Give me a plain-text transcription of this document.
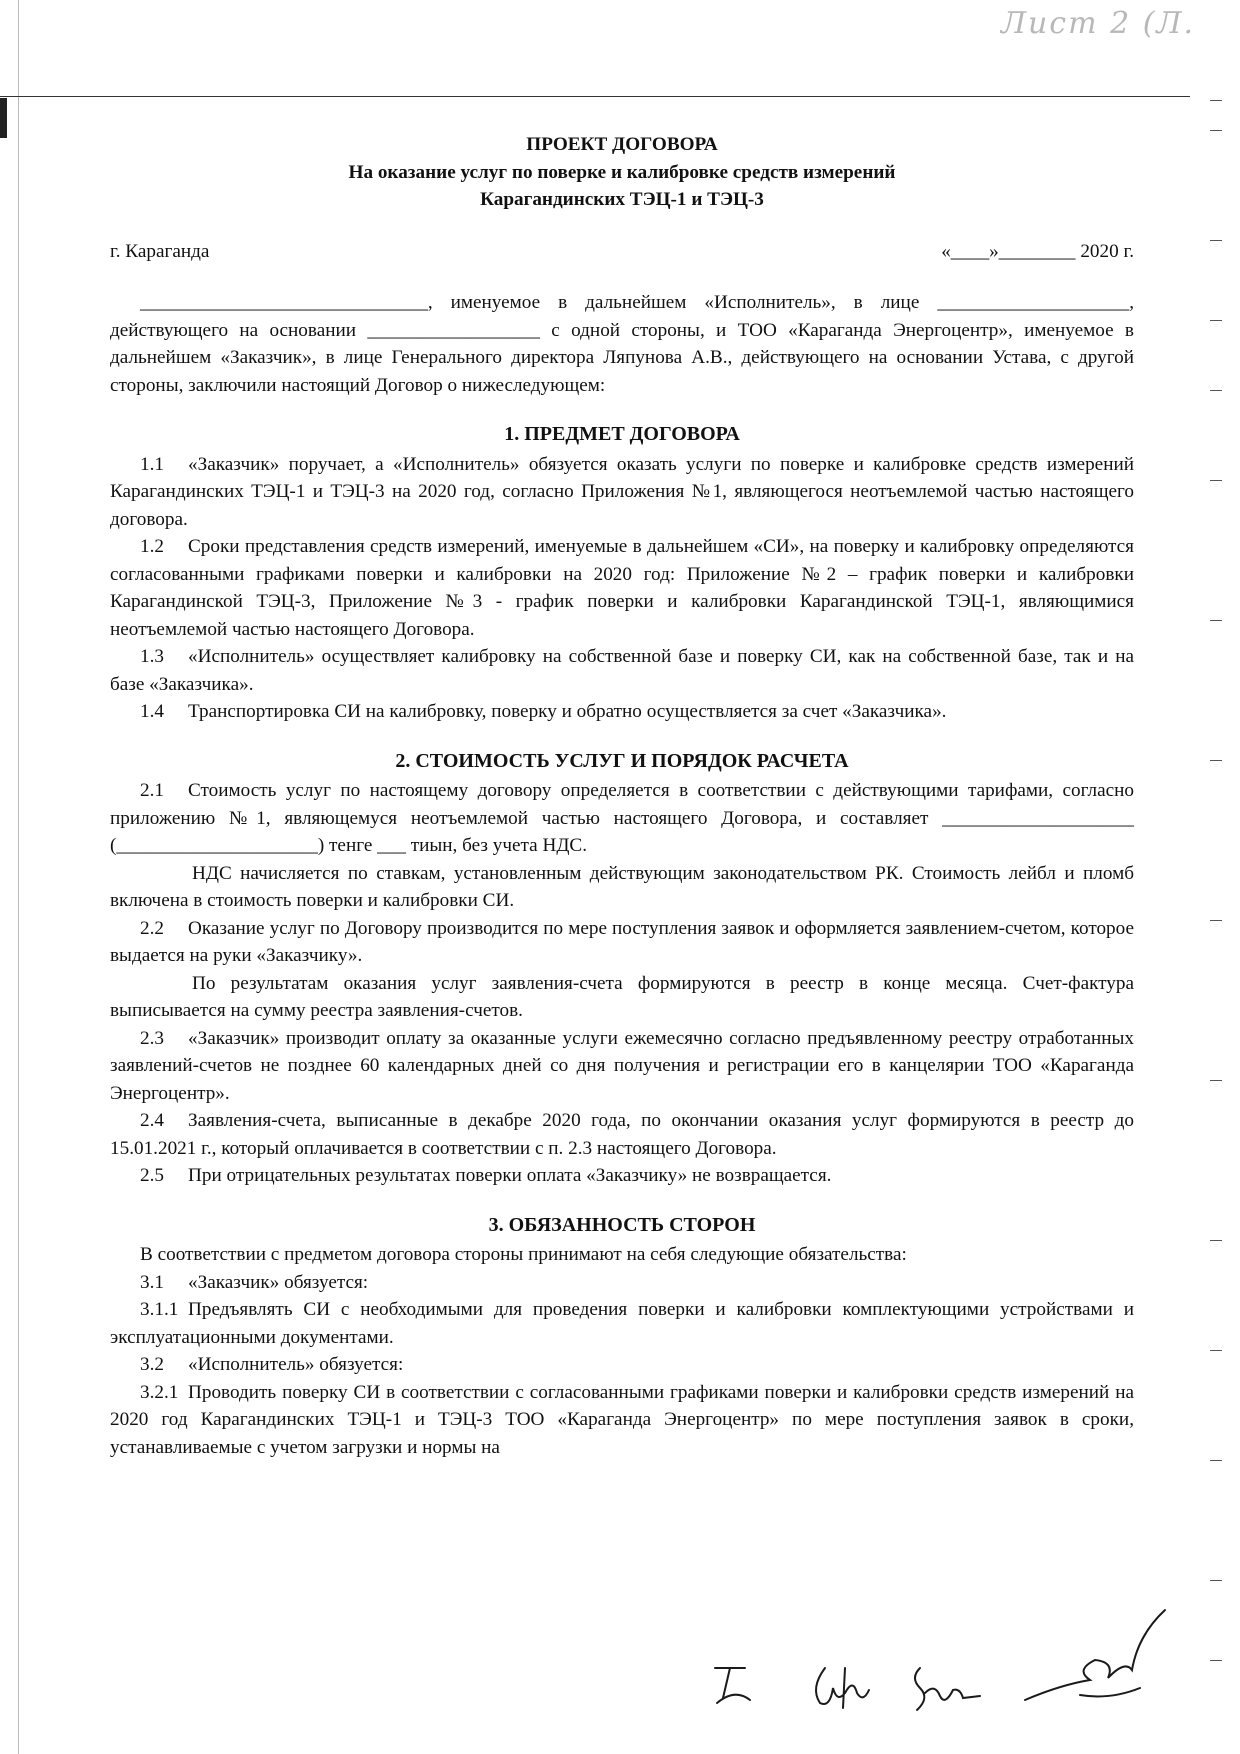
Лист 2 (Л.
ПРОЕКТ ДОГОВОРА
На оказание услуг по поверке и калибровке средств измерений
Карагандинских ТЭЦ-1 и ТЭЦ-3
г. Караганда	«____»________ 2020 г.

______________________________, именуемое в дальнейшем «Исполнитель», в лице ____________________, действующего на основании __________________ с одной стороны, и ТОО «Караганда Энергоцентр», именуемое в дальнейшем «Заказчик», в лице Генерального директора Ляпунова А.В., действующего на основании Устава, с другой стороны, заключили настоящий Договор о нижеследующем:

1. ПРЕДМЕТ ДОГОВОРА

1.1 «Заказчик» поручает, а «Исполнитель» обязуется оказать услуги по поверке и калибровке средств измерений Карагандинских ТЭЦ-1 и ТЭЦ-3 на 2020 год, согласно Приложения №1, являющегося неотъемлемой частью настоящего договора.

1.2 Сроки представления средств измерений, именуемые в дальнейшем «СИ», на поверку и калибровку определяются согласованными графиками поверки и калибровки на 2020 год: Приложение №2 – график поверки и калибровки Карагандинской ТЭЦ-3, Приложение №3 - график поверки и калибровки Карагандинской ТЭЦ-1, являющимися неотъемлемой частью настоящего Договора.

1.3 «Исполнитель» осуществляет калибровку на собственной базе и поверку СИ, как на собственной базе, так и на базе «Заказчика».

1.4 Транспортировка СИ на калибровку, поверку и обратно осуществляется за счет «Заказчика».

2. СТОИМОСТЬ УСЛУГ И ПОРЯДОК РАСЧЕТА

2.1 Стоимость услуг по настоящему договору определяется в соответствии с действующими тарифами, согласно приложению №1, являющемуся неотъемлемой частью настоящего Договора, и составляет ____________________ (_____________________) тенге ___ тиын, без учета НДС.

НДС начисляется по ставкам, установленным действующим законодательством РК. Стоимость лейбл и пломб включена в стоимость поверки и калибровки СИ.

2.2 Оказание услуг по Договору производится по мере поступления заявок и оформляется заявлением-счетом, которое выдается на руки «Заказчику».

По результатам оказания услуг заявления-счета формируются в реестр в конце месяца. Счет-фактура выписывается на сумму реестра заявления-счетов.

2.3 «Заказчик» производит оплату за оказанные услуги ежемесячно согласно предъявленному реестру отработанных заявлений-счетов не позднее 60 календарных дней со дня получения и регистрации его в канцелярии ТОО «Караганда Энергоцентр».

2.4 Заявления-счета, выписанные в декабре 2020 года, по окончании оказания услуг формируются в реестр до 15.01.2021 г., который оплачивается в соответствии с п. 2.3 настоящего Договора.

2.5 При отрицательных результатах поверки оплата «Заказчику» не возвращается.

3. ОБЯЗАННОСТЬ СТОРОН

В соответствии с предметом договора стороны принимают на себя следующие обязательства:

3.1 «Заказчик» обязуется:

3.1.1 Предъявлять СИ с необходимыми для проведения поверки и калибровки комплектующими устройствами и эксплуатационными документами.

3.2 «Исполнитель» обязуется:

3.2.1 Проводить поверку СИ в соответствии с согласованными графиками поверки и калибровки средств измерений на 2020 год Карагандинских ТЭЦ-1 и ТЭЦ-3 ТОО «Караганда Энергоцентр» по мере поступления заявок в сроки, устанавливаемые с учетом загрузки и нормы на
